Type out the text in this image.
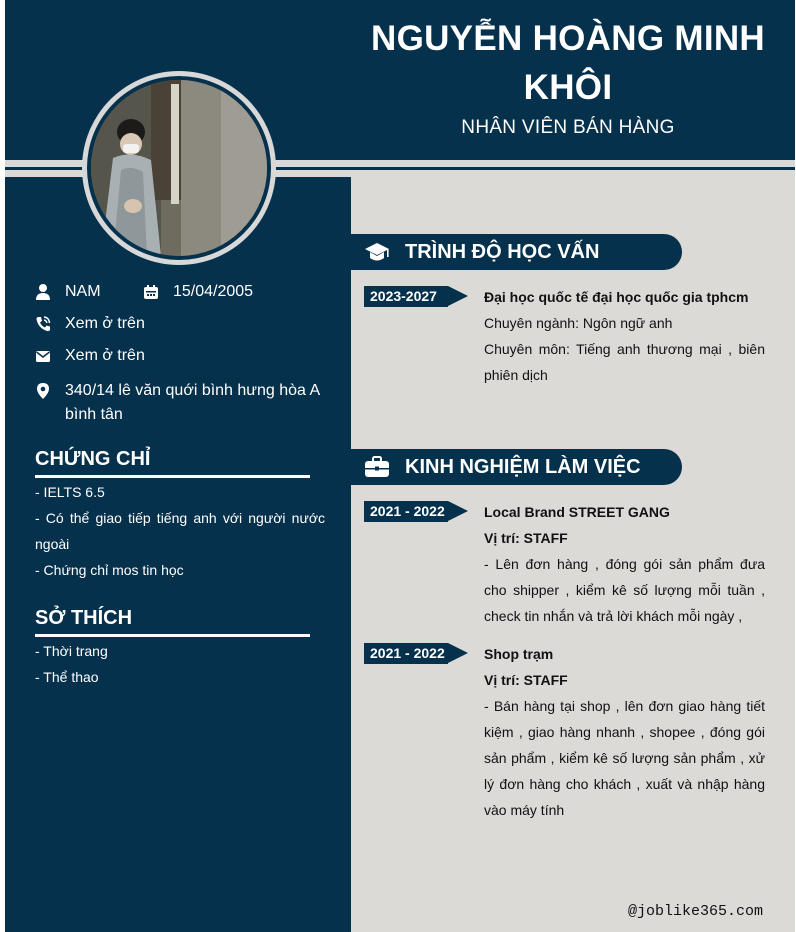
NGUYỄN HOÀNG MINH
KHÔI
NHÂN VIÊN BÁN HÀNG
NAM	15/04/2005
Xem ở trên
Xem ở trên
340/14 lê văn quới bình hưng hòa A bình tân
CHỨNG CHỈ
- IELTS 6.5
- Có thể giao tiếp tiếng anh với người nước ngoài
- Chứng chỉ mos tin học
SỞ THÍCH
- Thời trang
- Thể thao
TRÌNH ĐỘ HỌC VẤN
2023-2027	Đại học quốc tế đại học quốc gia tphcm
Chuyên ngành: Ngôn ngữ anh
Chuyên môn: Tiếng anh thương mại , biên phiên dịch
KINH NGHIỆM LÀM VIỆC
2021 - 2022	Local Brand STREET GANG
Vị trí: STAFF
- Lên đơn hàng , đóng gói sản phẩm đưa cho shipper , kiểm kê số lượng mỗi tuần , check tin nhắn và trả lời khách mỗi ngày ,
2021 - 2022	Shop trạm
Vị trí: STAFF
- Bán hàng tại shop , lên đơn giao hàng tiết kiệm , giao hàng nhanh , shopee , đóng gói sản phẩm , kiểm kê số lượng sản phẩm , xử lý đơn hàng cho khách , xuất và nhập hàng vào máy tính
@joblike365.com
